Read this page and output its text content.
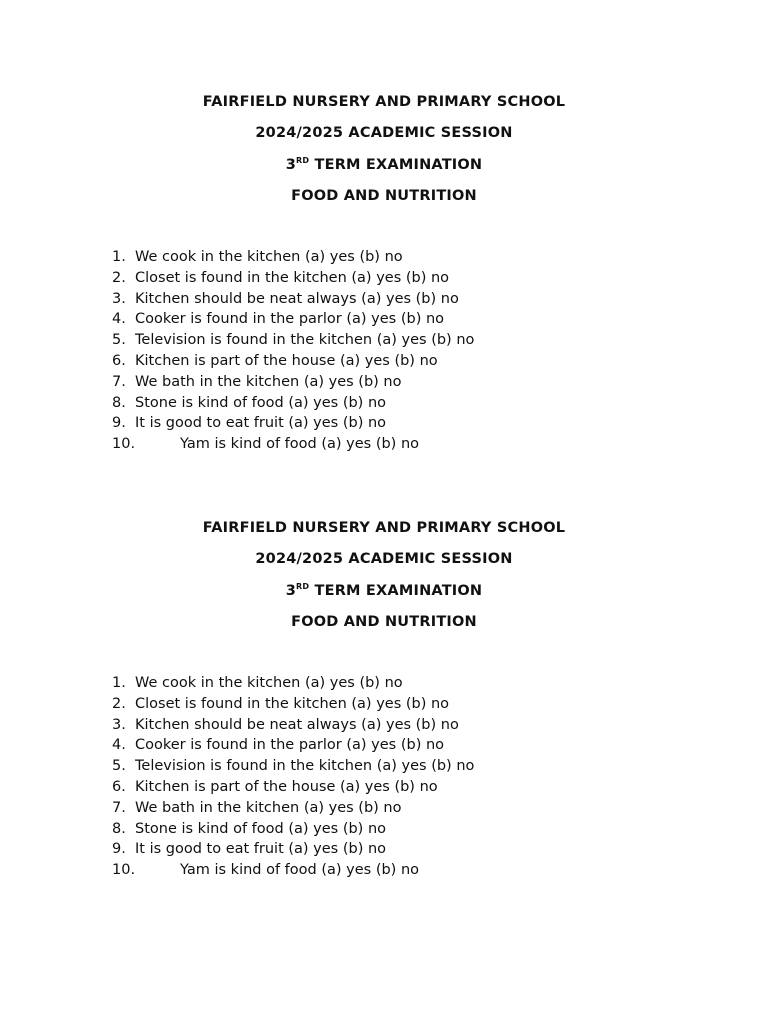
FAIRFIELD NURSERY AND PRIMARY SCHOOL
2024/2025 ACADEMIC SESSION
3RD TERM EXAMINATION
FOOD AND NUTRITION
1. We cook in the kitchen (a) yes (b) no
2. Closet is found in the kitchen (a) yes (b) no
3. Kitchen should be neat always (a) yes (b) no
4. Cooker is found in the parlor (a) yes (b) no
5. Television is found in the kitchen (a) yes (b) no
6. Kitchen is part of the house (a) yes (b) no
7. We bath in the kitchen (a) yes (b) no
8. Stone is kind of food (a) yes (b) no
9. It is good to eat fruit (a) yes (b) no
10.	Yam is kind of food (a) yes (b) no
FAIRFIELD NURSERY AND PRIMARY SCHOOL
2024/2025 ACADEMIC SESSION
3RD TERM EXAMINATION
FOOD AND NUTRITION
1. We cook in the kitchen (a) yes (b) no
2. Closet is found in the kitchen (a) yes (b) no
3. Kitchen should be neat always (a) yes (b) no
4. Cooker is found in the parlor (a) yes (b) no
5. Television is found in the kitchen (a) yes (b) no
6. Kitchen is part of the house (a) yes (b) no
7. We bath in the kitchen (a) yes (b) no
8. Stone is kind of food (a) yes (b) no
9. It is good to eat fruit (a) yes (b) no
10.	Yam is kind of food (a) yes (b) no
